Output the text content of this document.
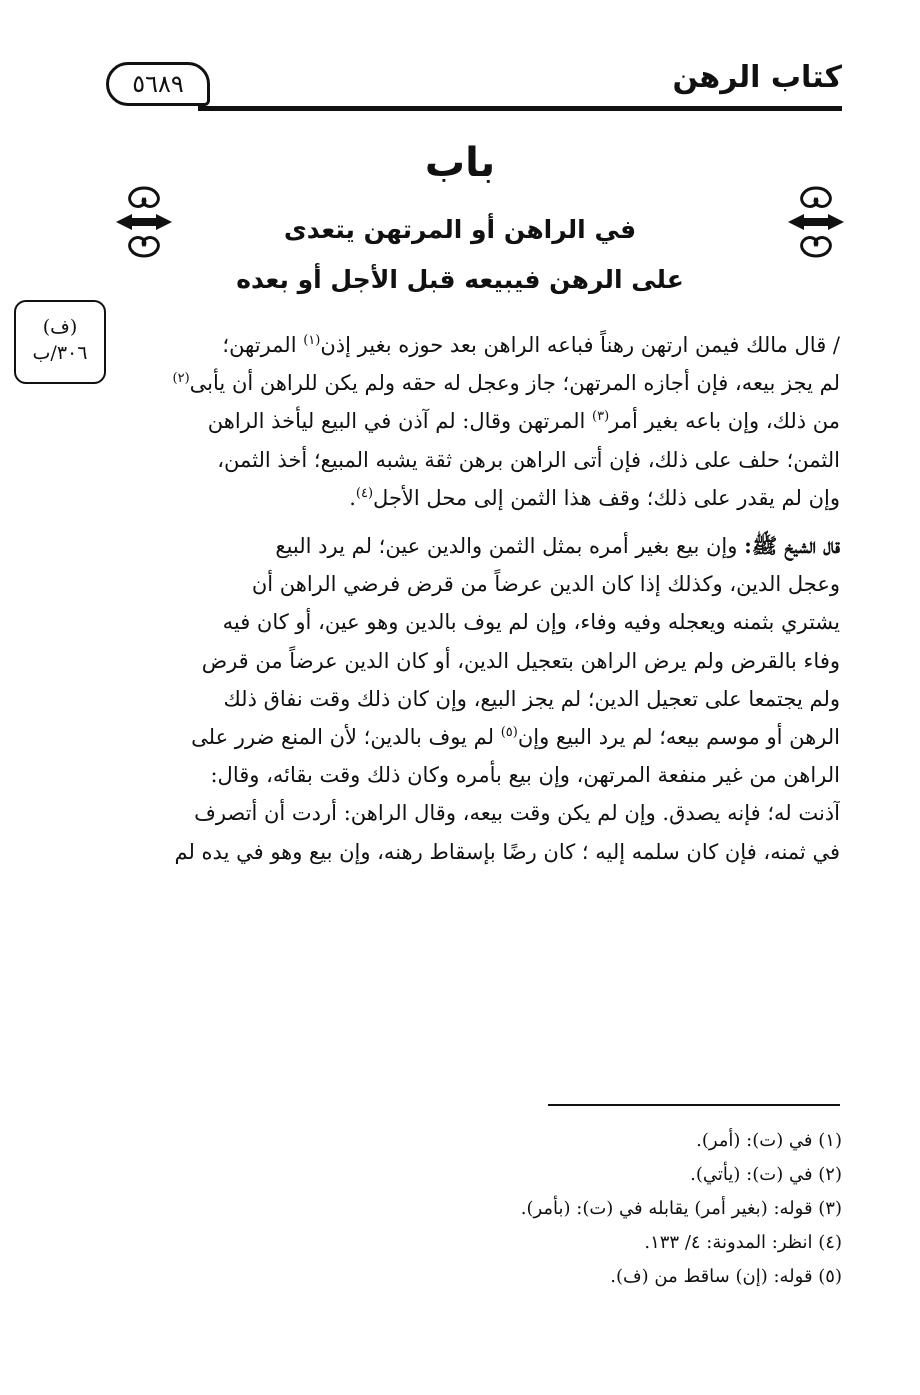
كتاب الرهن
٥٦٨٩
باب
في الراهن أو المرتهن يتعدى
على الرهن فيبيعه قبل الأجل أو بعده
(ف)
٣٠٦/ب	/ قال مالك فيمن ارتهن رهناً فباعه الراهن بعد حوزه بغير إذن$^{(١)}$ المرتهن؛
لم يجز بيعه، فإن أجازه المرتهن؛ جاز وعجل له حقه ولم يكن للراهن أن يأبى$^{(٢)}$
من ذلك، وإن باعه بغير أمر$^{(٣)}$ المرتهن وقال: لم آذن في البيع ليأخذ الراهن
الثمن؛ حلف على ذلك، فإن أتى الراهن برهن ثقة يشبه المبيع؛ أخذ الثمن،
وإن لم يقدر على ذلك؛ وقف هذا الثمن إلى محل الأجل$^{(٤)}$.

قال الشيخ ﷺ: وإن بيع بغير أمره بمثل الثمن والدين عين؛ لم يرد البيع
وعجل الدين، وكذلك إذا كان الدين عرضاً من قرض فرضي الراهن أن
يشتري بثمنه ويعجله وفيه وفاء، وإن لم يوف بالدين وهو عين، أو كان فيه
وفاء بالقرض ولم يرض الراهن بتعجيل الدين، أو كان الدين عرضاً من قرض
ولم يجتمعا على تعجيل الدين؛ لم يجز البيع، وإن كان ذلك وقت نفاق ذلك
الرهن أو موسم بيعه؛ لم يرد البيع وإن$^{(٥)}$ لم يوف بالدين؛ لأن المنع ضرر على
الراهن من غير منفعة المرتهن، وإن بيع بأمره وكان ذلك وقت بقائه، وقال:
آذنت له؛ فإنه يصدق. وإن لم يكن وقت بيعه، وقال الراهن: أردت أن أتصرف
في ثمنه، فإن كان سلمه إليه ؛ كان رضًا بإسقاط رهنه، وإن بيع وهو في يده لم

(١) في (ت): (أمر).
(٢) في (ت): (يأتي).
(٣) قوله: (بغير أمر) يقابله في (ت): (بأمر).
(٤) انظر: المدونة: ٤/ ١٣٣.
(٥) قوله: (إن) ساقط من (ف).
